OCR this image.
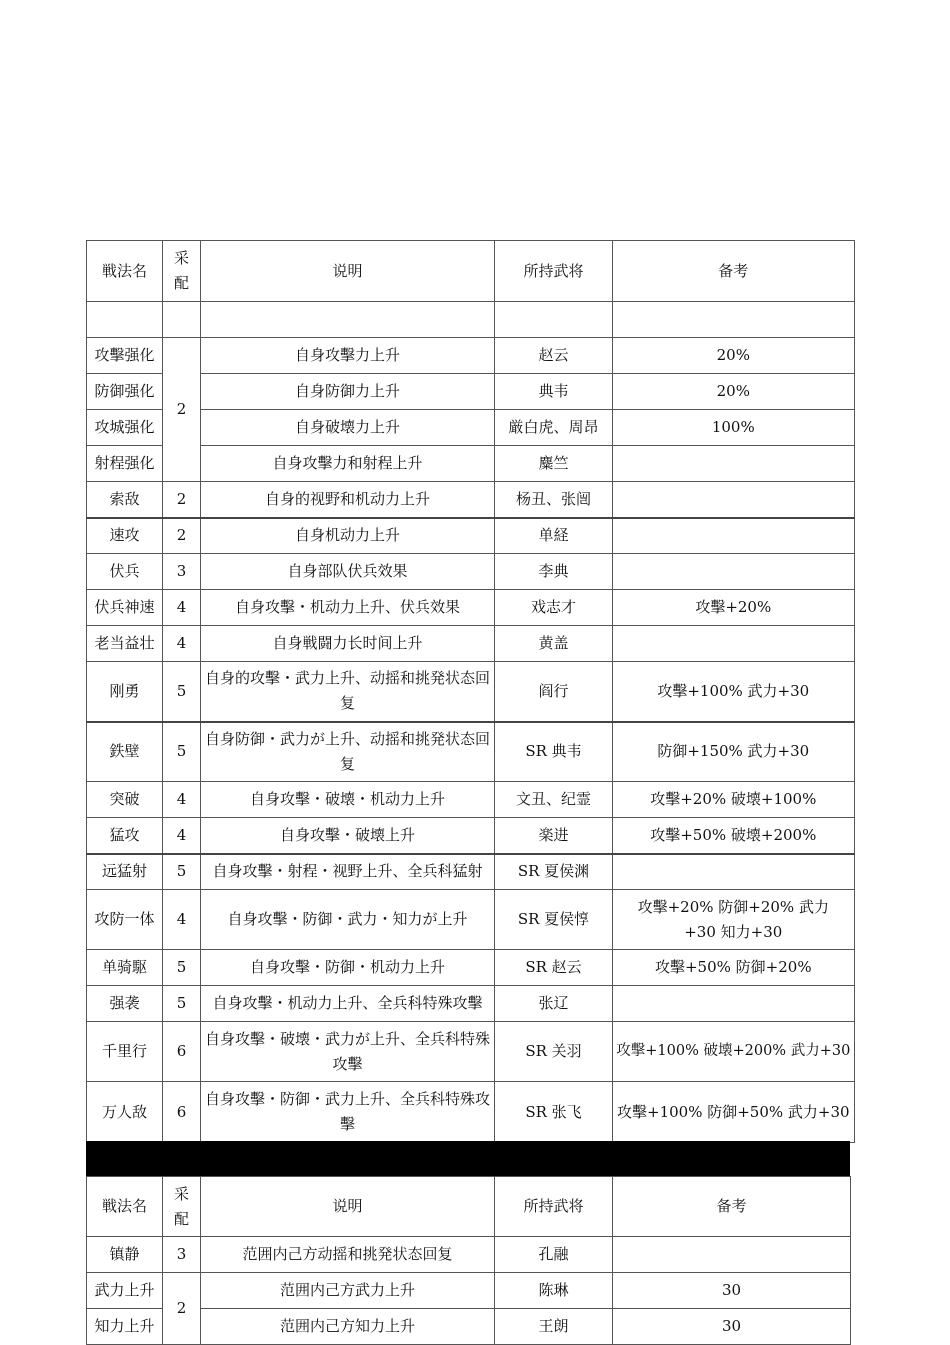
戦法名	采配	说明	所持武将	备考

攻擊强化	2	自身攻擊力上升	赵云	20%
防御强化		自身防御力上升	典韦	20%
攻城强化		自身破壊力上升	厳白虎、周昂	100%
射程强化		自身攻擊力和射程上升	麋竺	
索敌	2	自身的视野和机动力上升	杨丑、张闿	
速攻	2	自身机动力上升	单経	
伏兵	3	自身部队伏兵效果	李典	
伏兵神速	4	自身攻擊・机动力上升、伏兵效果	戏志才	攻擊+20%
老当益壮	4	自身戦闘力长时间上升	黄盖	
刚勇	5	自身的攻擊・武力上升、动摇和挑発状态回复	阎行	攻擊+100% 武力+30
鉄壁	5	自身防御・武力が上升、动摇和挑発状态回复	SR 典韦	防御+150% 武力+30
突破	4	自身攻擊・破壊・机动力上升	文丑、纪霊	攻擊+20% 破壊+100%
猛攻	4	自身攻擊・破壊上升	楽进	攻擊+50% 破壊+200%
远猛射	5	自身攻擊・射程・视野上升、全兵科猛射	SR 夏侯渊	
攻防一体	4	自身攻擊・防御・武力・知力が上升	SR 夏侯惇	攻擊+20% 防御+20% 武力+30 知力+30
单骑駆	5	自身攻擊・防御・机动力上升	SR 赵云	攻擊+50% 防御+20%
强袭	5	自身攻擊・机动力上升、全兵科特殊攻擊	张辽	
千里行	6	自身攻擊・破壊・武力が上升、全兵科特殊攻擊	SR 关羽	攻擊+100% 破壊+200% 武力+30
万人敌	6	自身攻擊・防御・武力上升、全兵科特殊攻擊	SR 张飞	攻擊+100% 防御+50% 武力+30
戦法名	采配	说明	所持武将	备考
镇静	3	范囲内己方动摇和挑発状态回复	孔融	
武力上升	2	范囲内己方武力上升	陈琳	30
知力上升		范囲内己方知力上升	王朗	30
